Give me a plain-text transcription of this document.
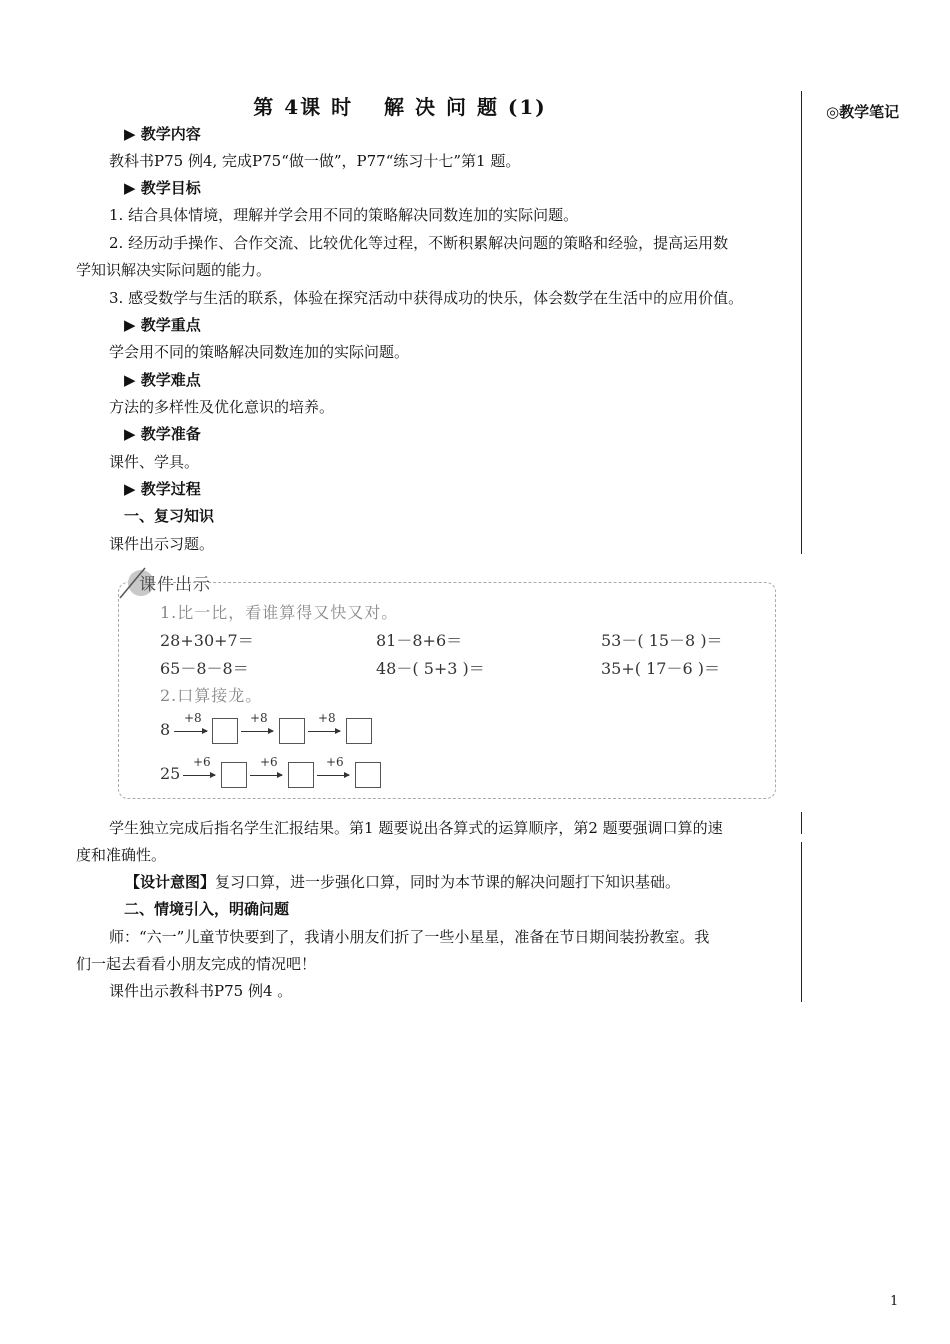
第 4课 时　 解 决 问 题 (1)	◎教学笔记
▶ 教学内容
教科书P75 例4, 完成P75“做一做”，P77“练习十七”第1 题。
▶ 教学目标
1. 结合具体情境，理解并学会用不同的策略解决同数连加的实际问题。
2. 经历动手操作、合作交流、比较优化等过程，不断积累解决问题的策略和经验，提高运用数
学知识解决实际问题的能力。
3. 感受数学与生活的联系，体验在探究活动中获得成功的快乐，体会数学在生活中的应用价值。
▶ 教学重点
学会用不同的策略解决同数连加的实际问题。
▶ 教学难点
方法的多样性及优化意识的培养。
▶ 教学准备
课件、学具。
▶ 教学过程
一、复习知识
课件出示习题。
课件出示
1.比一比，看谁算得又快又对。
28+30+7＝	81－8+6＝	53－( 15－8 )＝
65－8－8＝	48－( 5+3 )＝	35+( 17－6 )＝
2.口算接龙。
8
+8	+8	+8
25
+6	+6	+6
学生独立完成后指名学生汇报结果。第1 题要说出各算式的运算顺序，第2 题要强调口算的速
度和准确性。
【设计意图】复习口算，进一步强化口算，同时为本节课的解决问题打下知识基础。
二、情境引入，明确问题
师：“六一”儿童节快要到了，我请小朋友们折了一些小星星，准备在节日期间装扮教室。我
们一起去看看小朋友完成的情况吧！
课件出示教科书P75 例4 。
1
